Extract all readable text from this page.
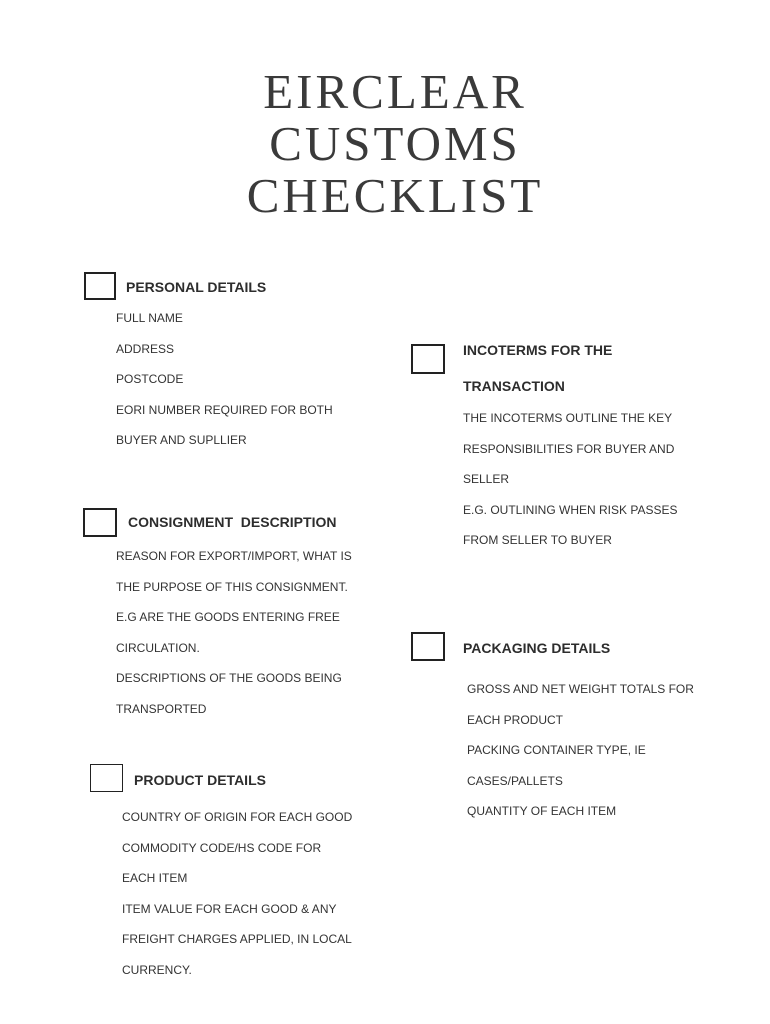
EIRCLEAR
CUSTOMS
CHECKLIST
PERSONAL DETAILS
FULL NAME
ADDRESS
POSTCODE
EORI NUMBER REQUIRED FOR BOTH
BUYER AND SUPLLIER
CONSIGNMENT  DESCRIPTION
REASON FOR EXPORT/IMPORT, WHAT IS
THE PURPOSE OF THIS CONSIGNMENT.
E.G ARE THE GOODS ENTERING FREE
CIRCULATION.
DESCRIPTIONS OF THE GOODS BEING
TRANSPORTED
PRODUCT DETAILS
COUNTRY OF ORIGIN FOR EACH GOOD
COMMODITY CODE/HS CODE FOR
EACH ITEM
ITEM VALUE FOR EACH GOOD & ANY
FREIGHT CHARGES APPLIED, IN LOCAL
CURRENCY.
INCOTERMS FOR THE
TRANSACTION
THE INCOTERMS OUTLINE THE KEY
RESPONSIBILITIES FOR BUYER AND
SELLER
E.G. OUTLINING WHEN RISK PASSES
FROM SELLER TO BUYER
PACKAGING DETAILS
GROSS AND NET WEIGHT TOTALS FOR
EACH PRODUCT
PACKING CONTAINER TYPE, IE
CASES/PALLETS
QUANTITY OF EACH ITEM
